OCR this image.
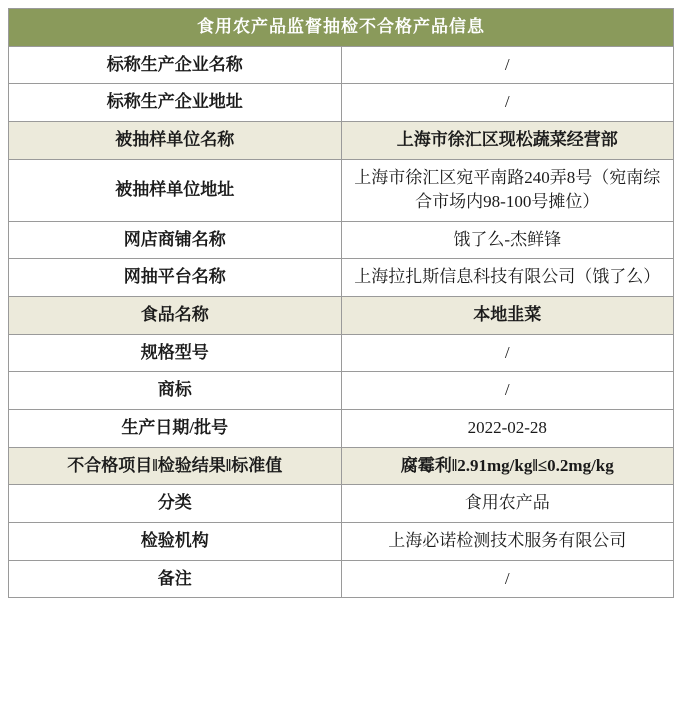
食用农产品监督抽检不合格产品信息	
标称生产企业名称	/
标称生产企业地址	/
被抽样单位名称	上海市徐汇区现松蔬菜经营部
被抽样单位地址	上海市徐汇区宛平南路240弄8号（宛南综合市场内98-100号摊位）
网店商铺名称	饿了么-杰鲜锋
网抽平台名称	上海拉扎斯信息科技有限公司（饿了么）
食品名称	本地韭菜
规格型号	/
商标	/
生产日期/批号	2022-02-28
不合格项目‖检验结果‖标准值	腐霉利‖2.91mg/kg‖≤0.2mg/kg
分类	食用农产品
检验机构	上海必诺检测技术服务有限公司
备注	/
